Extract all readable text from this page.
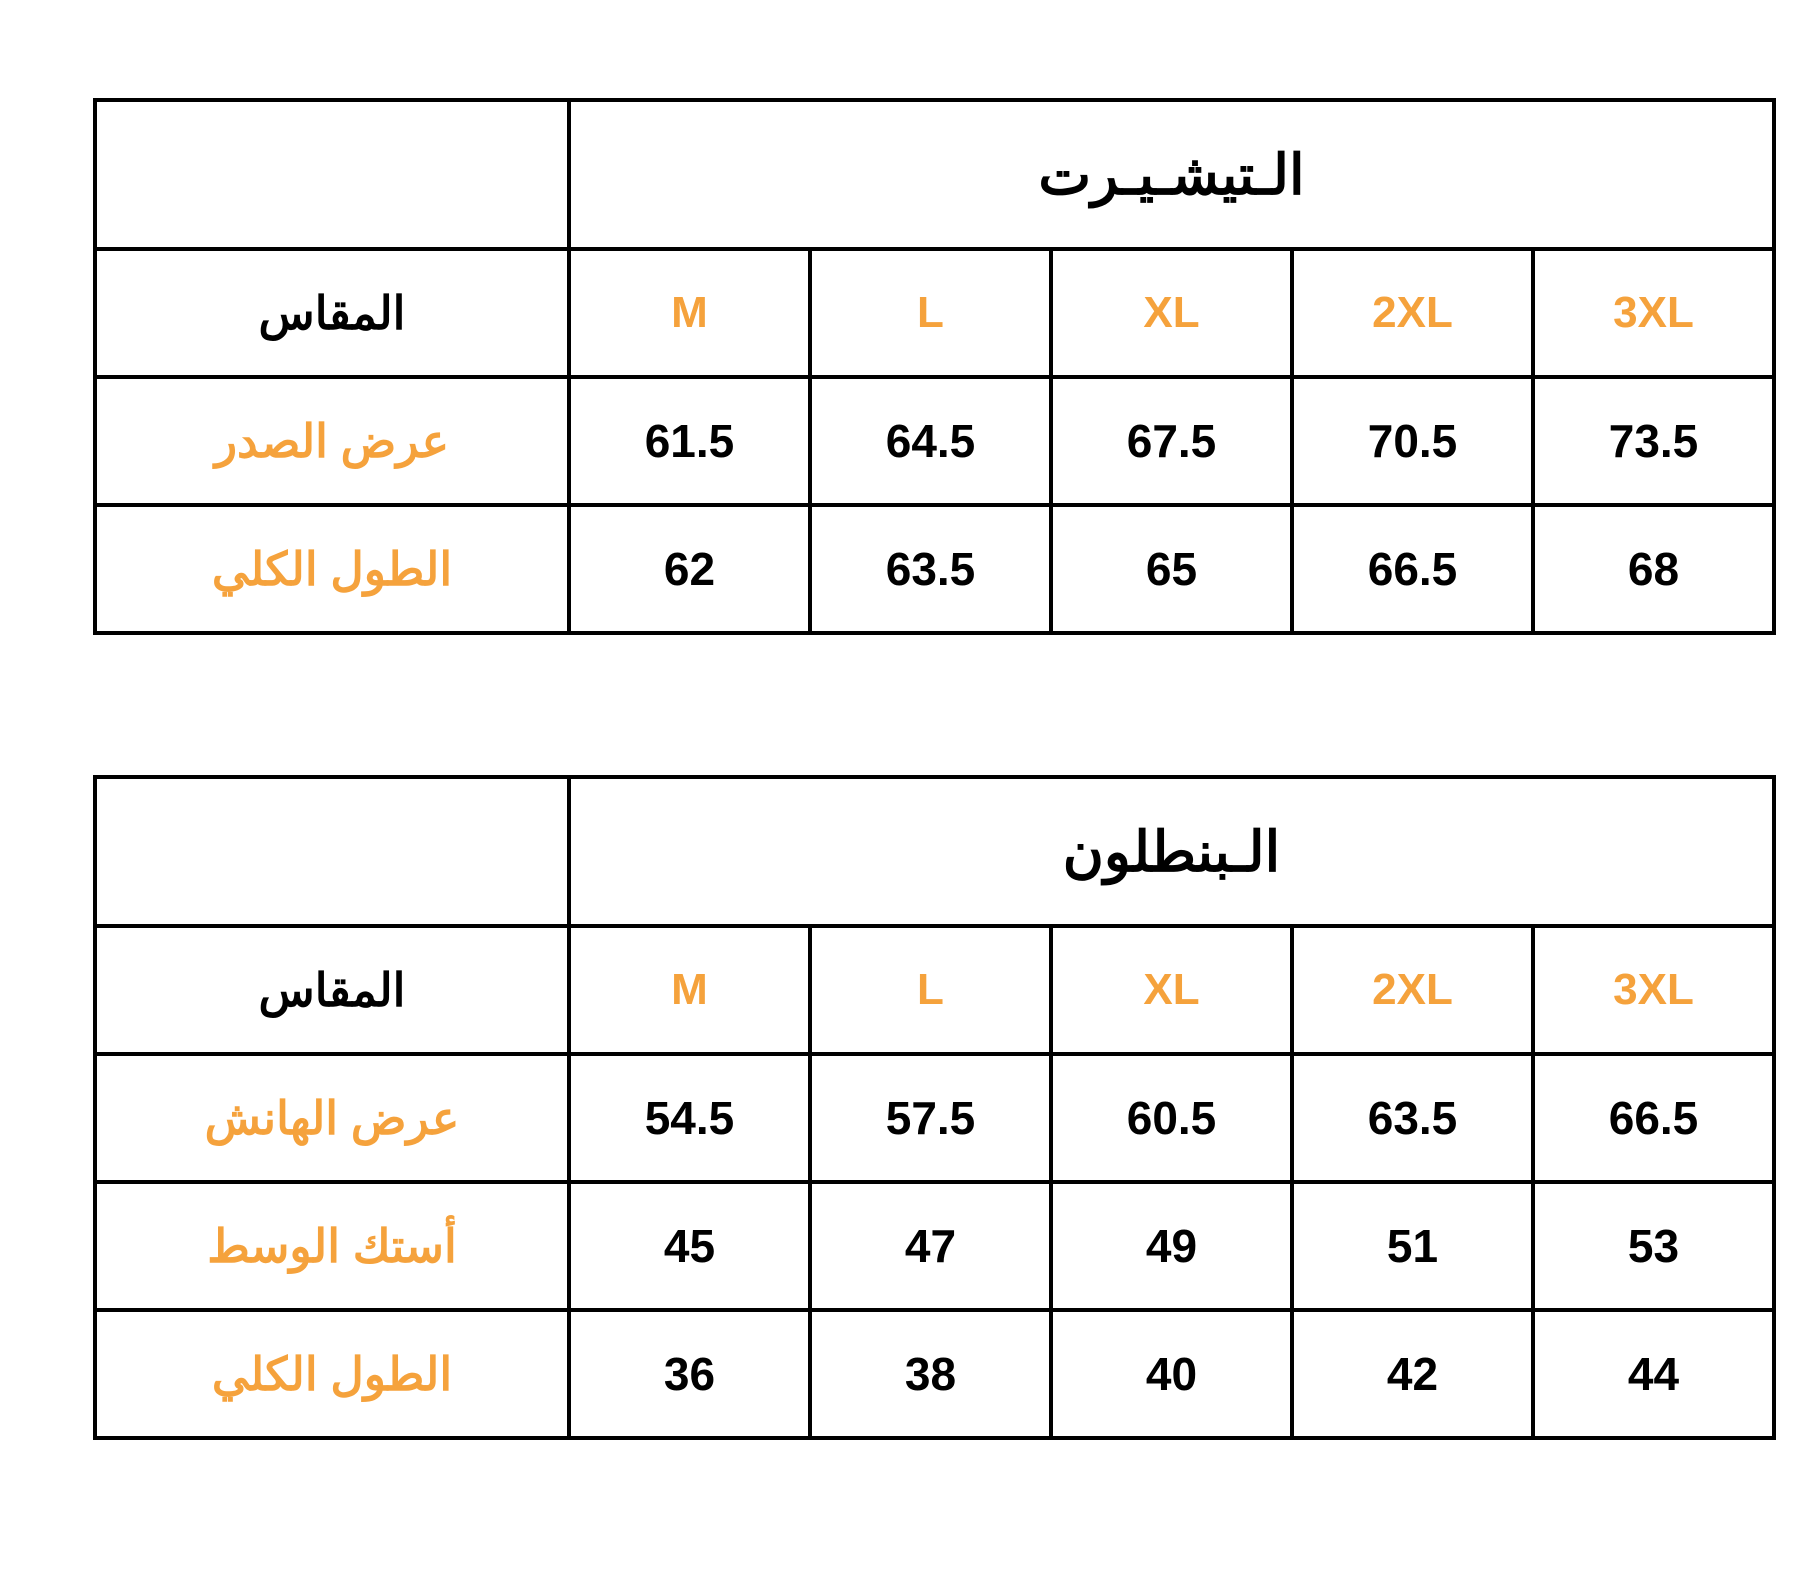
الـتيشـيـرت					
3XL	2XL	XL	L	M	المقاس
73.5	70.5	67.5	64.5	61.5	عرض الصدر
68	66.5	65	63.5	62	الطول الكلي
الـبنطلون					
3XL	2XL	XL	L	M	المقاس
66.5	63.5	60.5	57.5	54.5	عرض الهانش
53	51	49	47	45	أستك الوسط
44	42	40	38	36	الطول الكلي
